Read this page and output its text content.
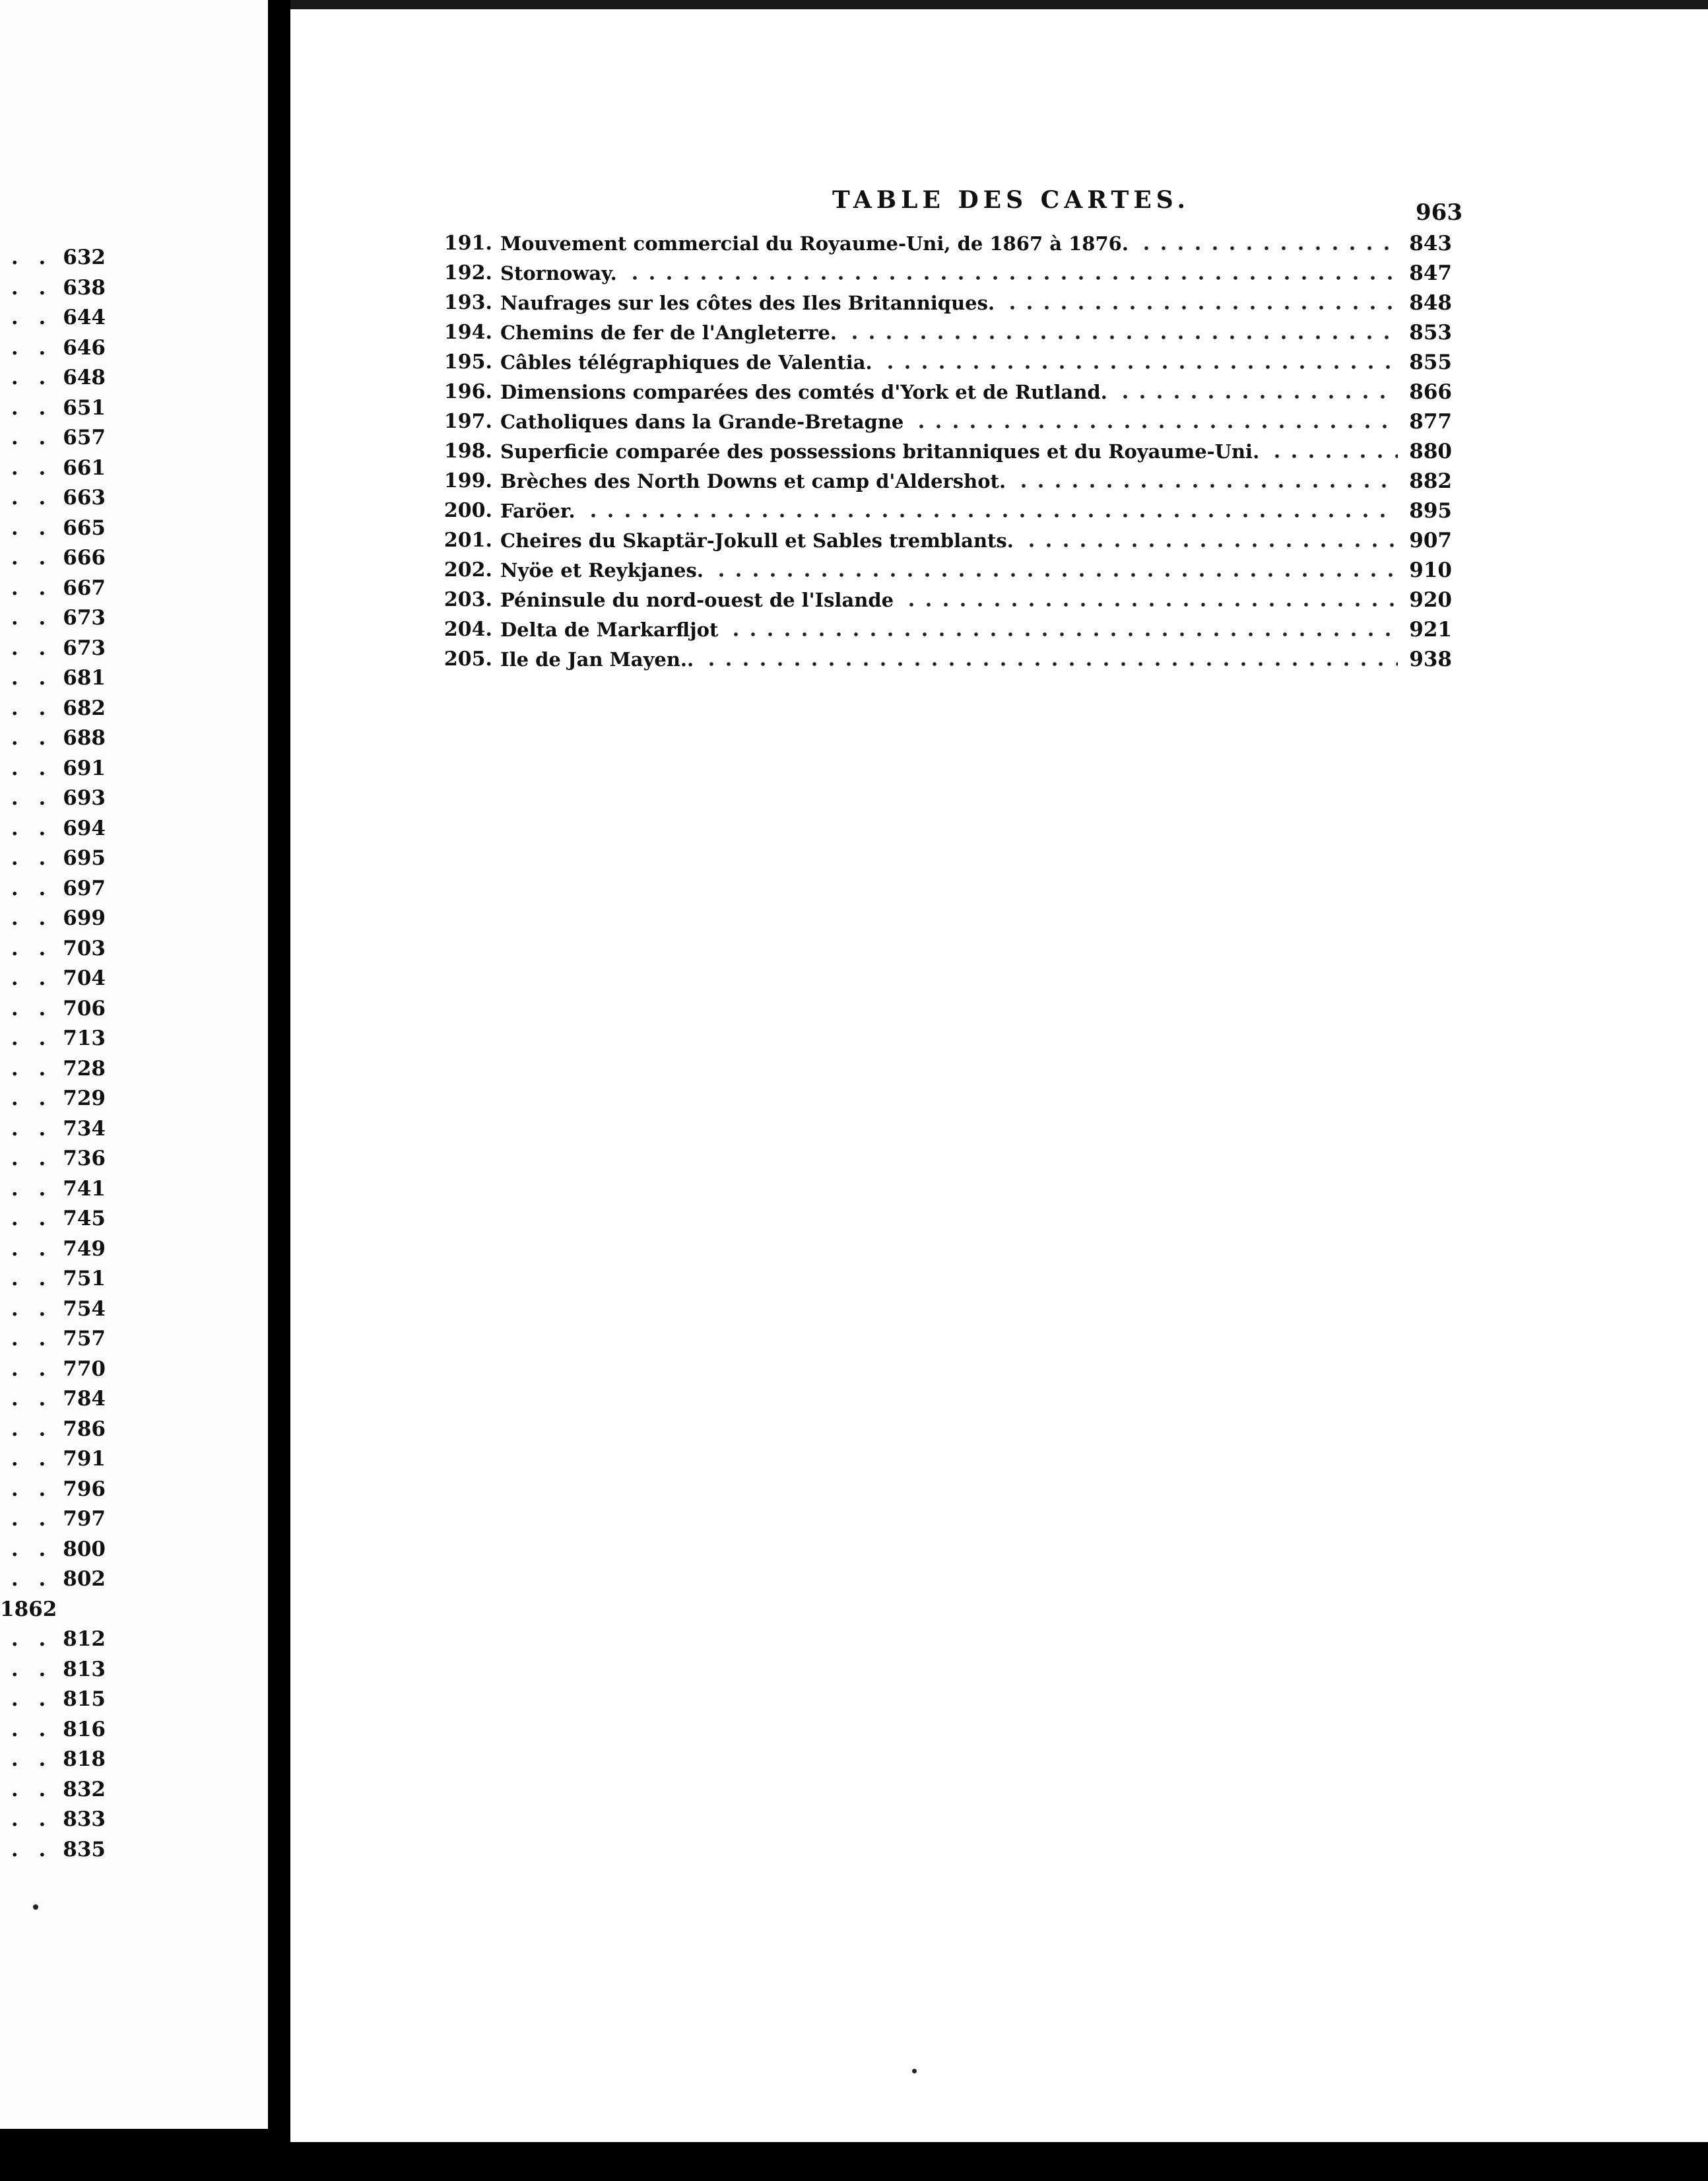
. . 632
. . 638
. . 644
. . 646
. . 648
. . 651
. . 657
. . 661
. . 663
. . 665
. . 666
. . 667
. . 673
. . 673
. . 681
. . 682
. . 688
. . 691
. . 693
. . 694
. . 695
. . 697
. . 699
. . 703
. . 704
. . 706
. . 713
. . 728
. . 729
. . 734
. . 736
. . 741
. . 745
. . 749
. . 751
. . 754
. . 757
. . 770
. . 784
. . 786
. . 791
. . 796
. . 797
. . 800
. . 802
1862
. . 812
. . 813
. . 815
. . 816
. . 818
. . 832
. . 833
. . 835
TABLE DES CARTES.	963
191. Mouvement commercial du Royaume-Uni, de 1867 à 1876.	843
192. Stornoway.	847
193. Naufrages sur les côtes des Iles Britanniques.	848
194. Chemins de fer de l'Angleterre.	853
195. Câbles télégraphiques de Valentia.	855
196. Dimensions comparées des comtés d'York et de Rutland.	866
197. Catholiques dans la Grande-Bretagne	877
198. Superficie comparée des possessions britanniques et du Royaume-Uni.	880
199. Brèches des North Downs et camp d'Aldershot.	882
200. Faröer.	895
201. Cheires du Skaptär-Jokull et Sables tremblants.	907
202. Nyöe et Reykjanes.	910
203. Péninsule du nord-ouest de l'Islande	920
204. Delta de Markarfljot	921
205. Ile de Jan Mayen..	938
